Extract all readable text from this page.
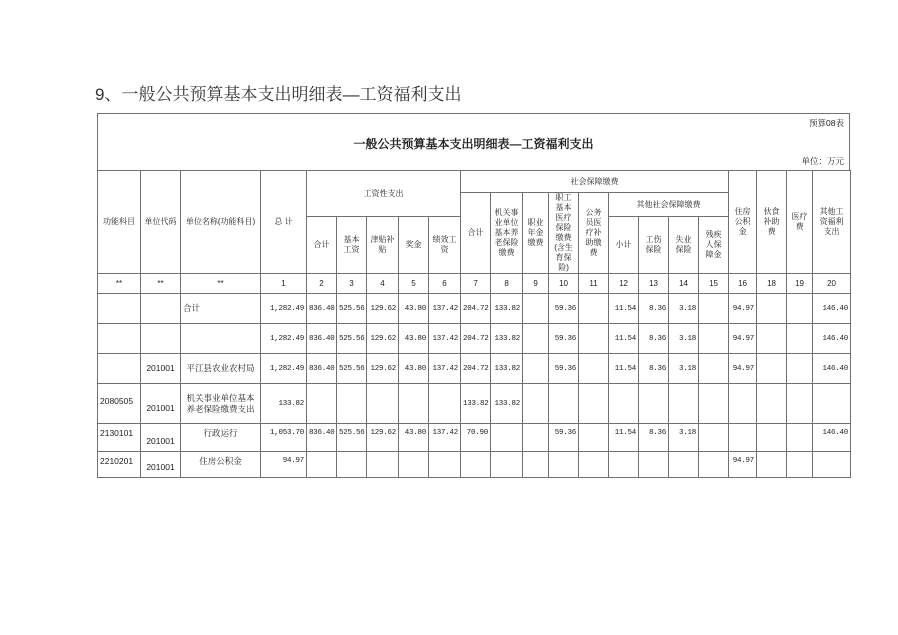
9、一般公共预算基本支出明细表—工资福利支出
预算08表
一般公共预算基本支出明细表—工资福利支出
单位：万元
功能科目	单位代码	单位名称(功能科目)	总 计	工资性支出					社会保障缴费									住房公积金	伙食补助费	医疗费	其他工资福利支出
									合计	机关事业单位基本养老保险缴费	职业年金缴费	职工基本医疗保险缴费(含生育保险)	公务员医疗补助缴费	其他社会保障缴费							
				合计	基本工资	津贴补贴	奖金	绩效工资						小计	工伤保险	失业保险	残疾人保障金				
**	**	**	1	2	3	4	5	6	7	8	9	10	11	12	13	14	15	16	18	19	20
		合计	1,282.49	836.40	525.56	129.62	43.80	137.42	204.72	133.82		59.36		11.54	8.36	3.18		94.97			146.40
			1,282.49	836.40	525.56	129.62	43.80	137.42	204.72	133.82		59.36		11.54	8.36	3.18		94.97			146.40
	201001	平江县农业农村局	1,282.49	836.40	525.56	129.62	43.80	137.42	204.72	133.82		59.36		11.54	8.36	3.18		94.97			146.40
2080505	201001	机关事业单位基本养老保险缴费支出	133.82						133.82	133.82											
2130101	201001	行政运行	1,053.70	836.40	525.56	129.62	43.80	137.42	70.90			59.36		11.54	8.36	3.18					146.40
2210201	201001	住房公积金	94.97															94.97			
